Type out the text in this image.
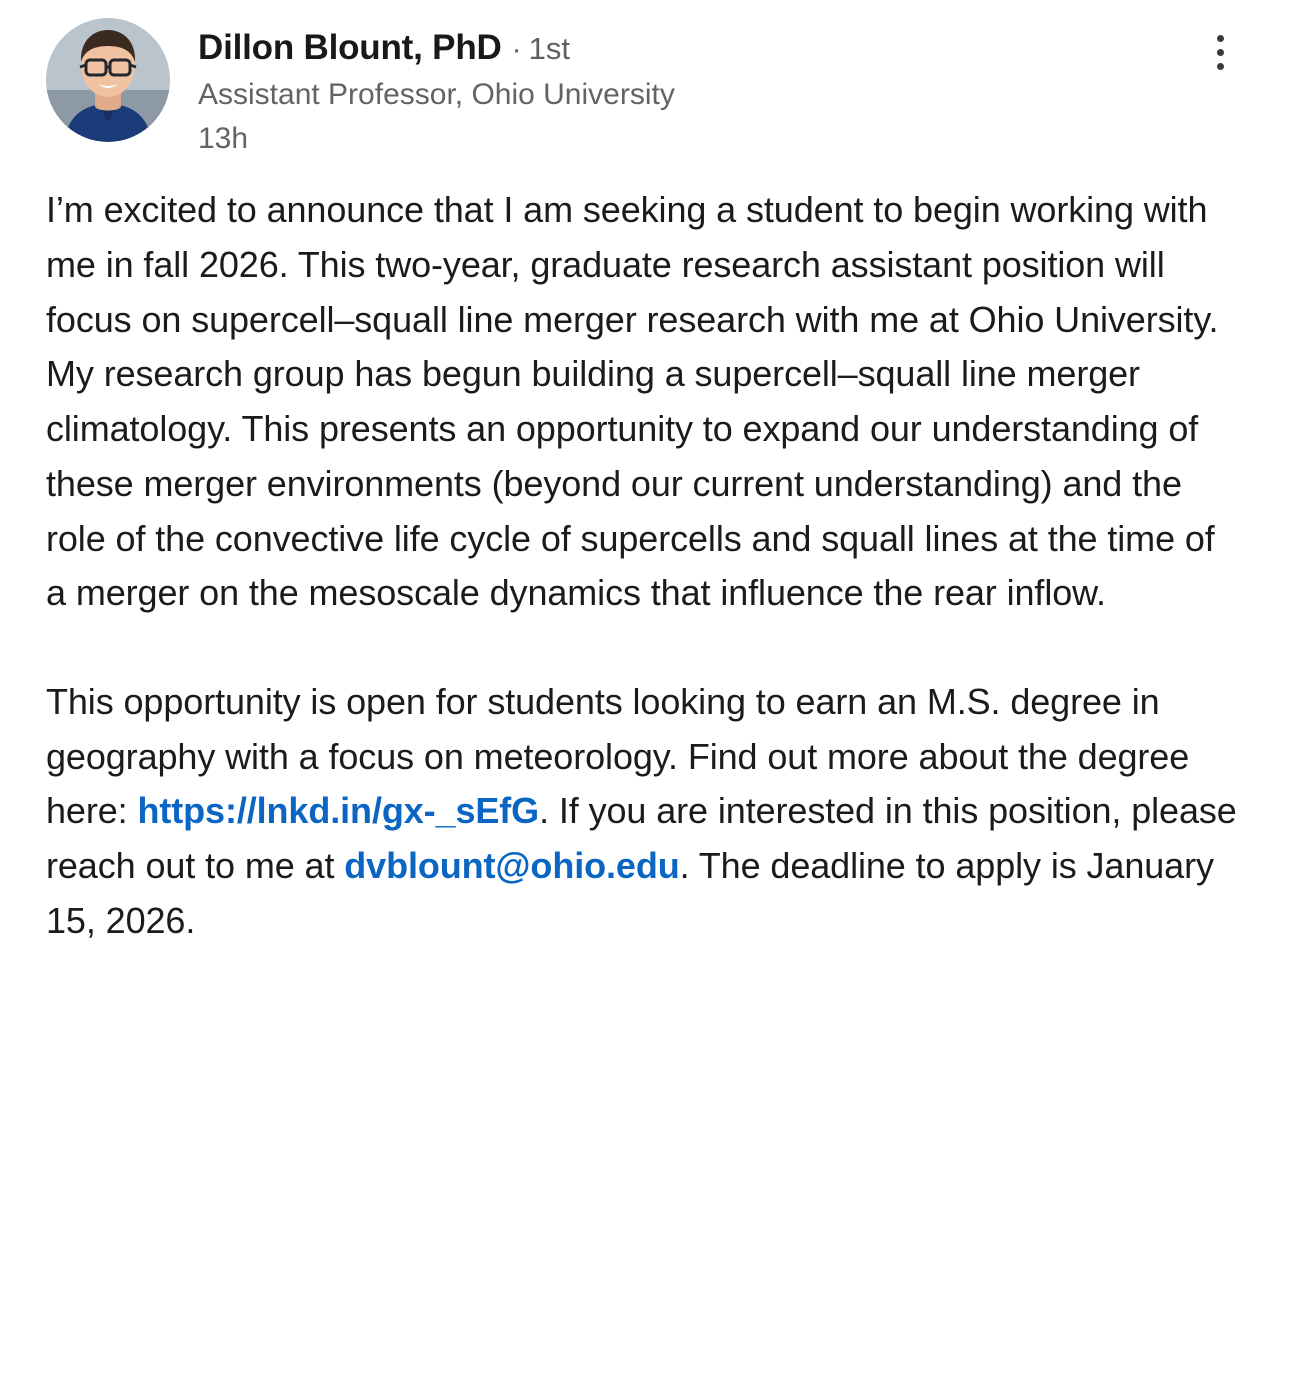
Dillon Blount, PhD · 1st
Assistant Professor, Ohio University
13h

I’m excited to announce that I am seeking a student to begin working with me in fall 2026. This two-year, graduate research assistant position will focus on supercell–squall line merger research with me at Ohio University. My research group has begun building a supercell–squall line merger climatology. This presents an opportunity to expand our understanding of these merger environments (beyond our current understanding) and the role of the convective life cycle of supercells and squall lines at the time of a merger on the mesoscale dynamics that influence the rear inflow.

This opportunity is open for students looking to earn an M.S. degree in geography with a focus on meteorology. Find out more about the degree here: https://lnkd.in/gx-_sEfG. If you are interested in this position, please reach out to me at dvblount@ohio.edu. The deadline to apply is January 15, 2026.
